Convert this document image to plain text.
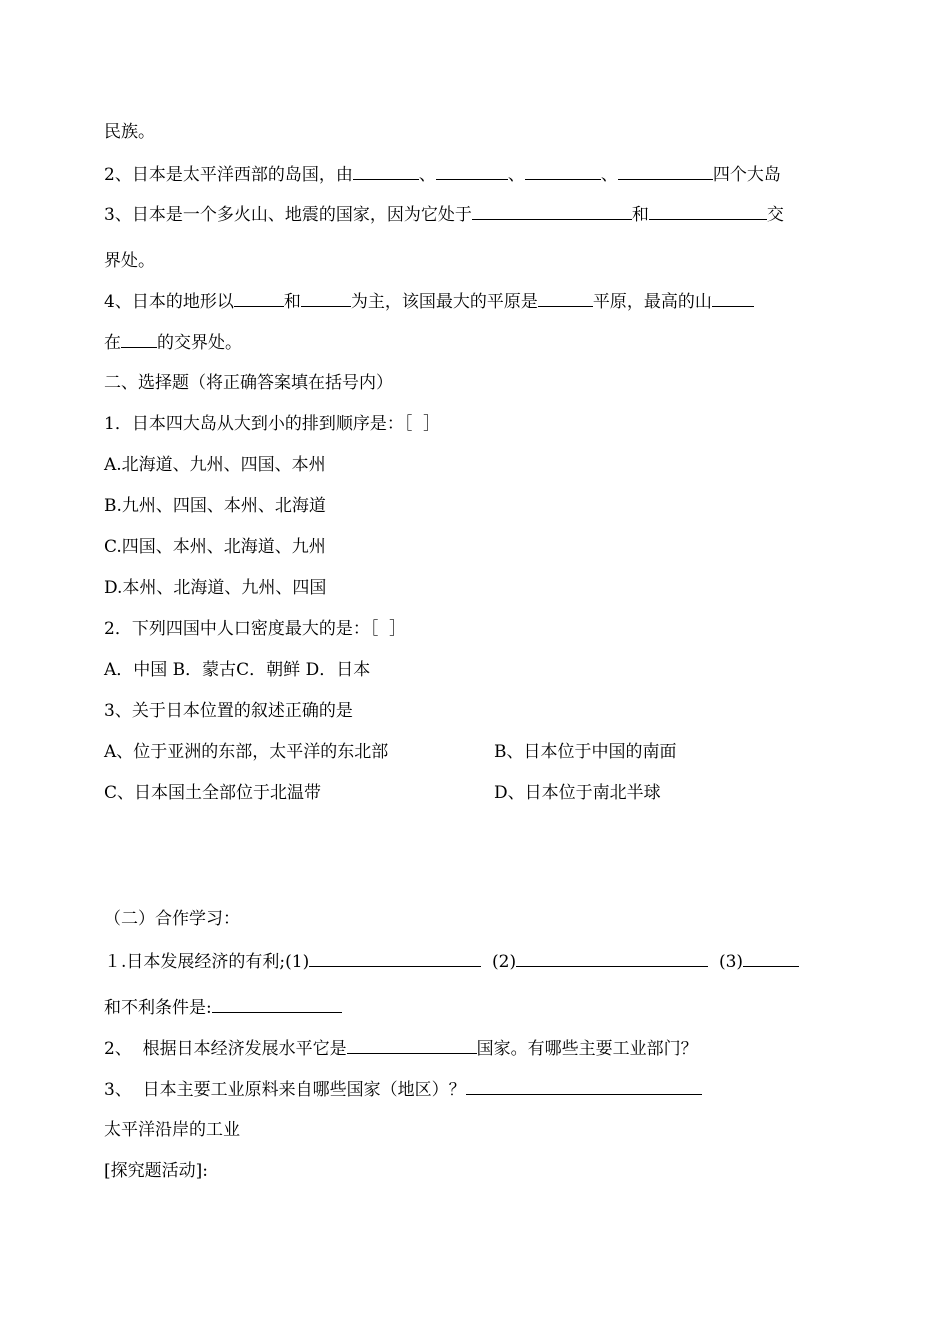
民族。
2、日本是太平洋西部的岛国，由	、	、	、	四个大岛
3、日本是一个多火山、地震的国家，因为它处于	和	交
界处。
4、日本的地形以	和	为主，该国最大的平原是	平原，最高的山
在 的交界处。
二、选择题（将正确答案填在括号内）
1．日本四大岛从大到小的排到顺序是：［  ］
A.北海道、九州、四国、本州
B.九州、四国、本州、北海道
C.四国、本州、北海道、九州
D.本州、北海道、九州、四国
2．下列四国中人口密度最大的是：［  ］
A．中国 B．蒙古C．朝鲜 D．日本
3、关于日本位置的叙述正确的是
A、位于亚洲的东部，太平洋的东北部	B、日本位于中国的南面
C、日本国土全部位于北温带	D、日本位于南北半球
（二）合作学习：
１.日本发展经济的有利;(1)	(2)	(3)
和不利条件是:
2、  根据日本经济发展水平它是	国家。有哪些主要工业部门？
3、  日本主要工业原料来自哪些国家（地区）？
太平洋沿岸的工业
[探究题活动]:
